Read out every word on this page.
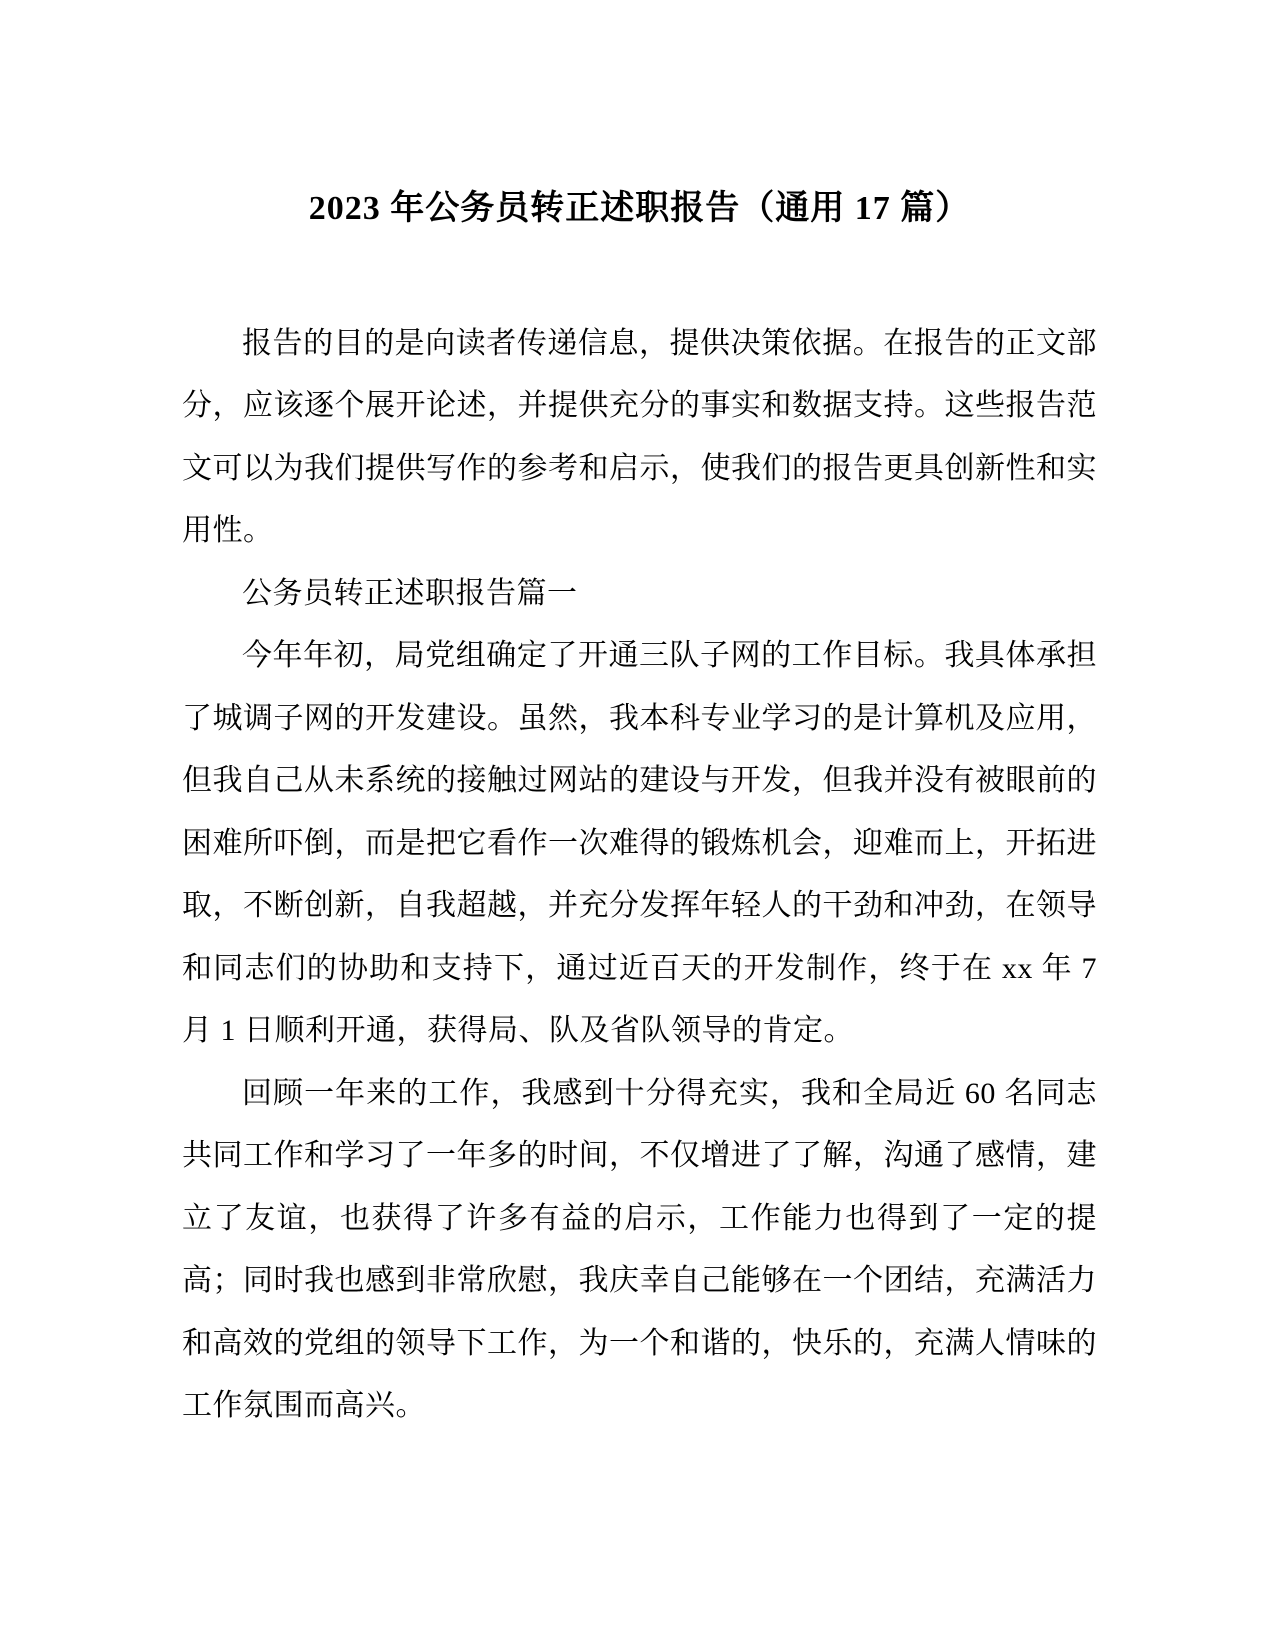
2023 年公务员转正述职报告（通用 17 篇）

报告的目的是向读者传递信息，提供决策依据。在报告的正文部分，应该逐个展开论述，并提供充分的事实和数据支持。这些报告范文可以为我们提供写作的参考和启示，使我们的报告更具创新性和实用性。

公务员转正述职报告篇一

今年年初，局党组确定了开通三队子网的工作目标。我具体承担了城调子网的开发建设。虽然，我本科专业学习的是计算机及应用，但我自己从未系统的接触过网站的建设与开发，但我并没有被眼前的困难所吓倒，而是把它看作一次难得的锻炼机会，迎难而上，开拓进取，不断创新，自我超越，并充分发挥年轻人的干劲和冲劲，在领导和同志们的协助和支持下，通过近百天的开发制作，终于在 xx 年 7 月 1 日顺利开通，获得局、队及省队领导的肯定。

回顾一年来的工作，我感到十分得充实，我和全局近 60 名同志共同工作和学习了一年多的时间，不仅增进了了解，沟通了感情，建立了友谊，也获得了许多有益的启示，工作能力也得到了一定的提高；同时我也感到非常欣慰，我庆幸自己能够在一个团结，充满活力和高效的党组的领导下工作，为一个和谐的，快乐的，充满人情味的工作氛围而高兴。
